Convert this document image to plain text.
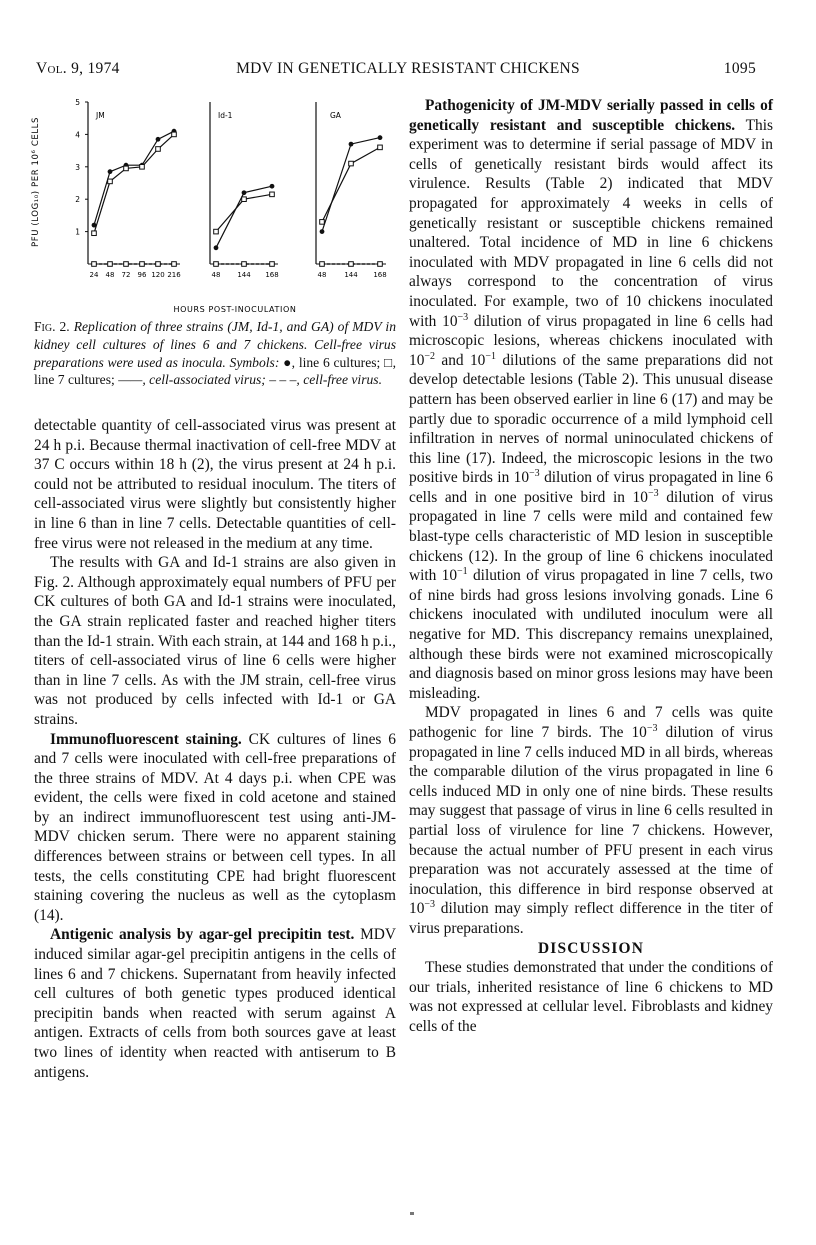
Vol. 9, 1974	MDV IN GENETICALLY RESISTANT CHICKENS	1095
PFU (LOG₁₀) PER 10⁶ CELLS
JM
1
2
3
4
5
24 48 72 96 120 216
Id-1
48 144 168
GA
48	144 168
HOURS POST-INOCULATION
Fig. 2. Replication of three strains (JM, Id-1, and GA) of MDV in kidney cell cultures of lines 6 and 7 chickens. Cell-free virus preparations were used as inocula. Symbols: ●, line 6 cultures; □, line 7 cultures; ——, cell-associated virus; – – –, cell-free virus.

detectable quantity of cell-associated virus was present at 24 h p.i. Because thermal inactivation of cell-free MDV at 37 C occurs within 18 h (2), the virus present at 24 h p.i. could not be attributed to residual inoculum. The titers of cell-associated virus were slightly but consistently higher in line 6 than in line 7 cells. Detectable quantities of cell-free virus were not released in the medium at any time.

The results with GA and Id-1 strains are also given in Fig. 2. Although approximately equal numbers of PFU per CK cultures of both GA and Id-1 strains were inoculated, the GA strain replicated faster and reached higher titers than the Id-1 strain. With each strain, at 144 and 168 h p.i., titers of cell-associated virus of line 6 cells were higher than in line 7 cells. As with the JM strain, cell-free virus was not produced by cells infected with Id-1 or GA strains.

Immunofluorescent staining. CK cultures of lines 6 and 7 cells were inoculated with cell-free preparations of the three strains of MDV. At 4 days p.i. when CPE was evident, the cells were fixed in cold acetone and stained by an indirect immunofluorescent test using anti-JM-MDV chicken serum. There were no apparent staining differences between strains or between cell types. In all tests, the cells constituting CPE had bright fluorescent staining covering the nucleus as well as the cytoplasm (14).

Antigenic analysis by agar-gel precipitin test. MDV induced similar agar-gel precipitin antigens in the cells of lines 6 and 7 chickens. Supernatant from heavily infected cell cultures of both genetic types produced identical precipitin bands when reacted with serum against A antigen. Extracts of cells from both sources gave at least two lines of identity when reacted with antiserum to B antigens.

Pathogenicity of JM-MDV serially passed in cells of genetically resistant and susceptible chickens. This experiment was to determine if serial passage of MDV in cells of genetically resistant birds would affect its virulence. Results (Table 2) indicated that MDV propagated for approximately 4 weeks in cells of genetically resistant or susceptible chickens remained unaltered. Total incidence of MD in line 6 chickens inoculated with MDV propagated in line 6 cells did not always correspond to the concentration of virus inoculated. For example, two of 10 chickens inoculated with $10^{-3}$ dilution of virus propagated in line 6 cells had microscopic lesions, whereas chickens inoculated with $10^{-2}$ and $10^{-1}$ dilutions of the same preparations did not develop detectable lesions (Table 2). This unusual disease pattern has been observed earlier in line 6 (17) and may be partly due to sporadic occurrence of a mild lymphoid cell infiltration in nerves of normal uninoculated chickens of this line (17). Indeed, the microscopic lesions in the two positive birds in $10^{-3}$ dilution of virus propagated in line 6 cells and in one positive bird in $10^{-3}$ dilution of virus propagated in line 7 cells were mild and contained few blast-type cells characteristic of MD lesion in susceptible chickens (12). In the group of line 6 chickens inoculated with $10^{-1}$ dilution of virus propagated in line 7 cells, two of nine birds had gross lesions involving gonads. Line 6 chickens inoculated with undiluted inoculum were all negative for MD. This discrepancy remains unexplained, although these birds were not examined microscopically and diagnosis based on minor gross lesions may have been misleading.

MDV propagated in lines 6 and 7 cells was quite pathogenic for line 7 birds. The $10^{-3}$ dilution of virus propagated in line 7 cells induced MD in all birds, whereas the comparable dilution of the virus propagated in line 6 cells induced MD in only one of nine birds. These results may suggest that passage of virus in line 6 cells resulted in partial loss of virulence for line 7 chickens. However, because the actual number of PFU present in each virus preparation was not accurately assessed at the time of inoculation, this difference in bird response observed at $10^{-3}$ dilution may simply reflect difference in the titer of virus preparations.

DISCUSSION

These studies demonstrated that under the conditions of our trials, inherited resistance of line 6 chickens to MD was not expressed at cellular level. Fibroblasts and kidney cells of the
